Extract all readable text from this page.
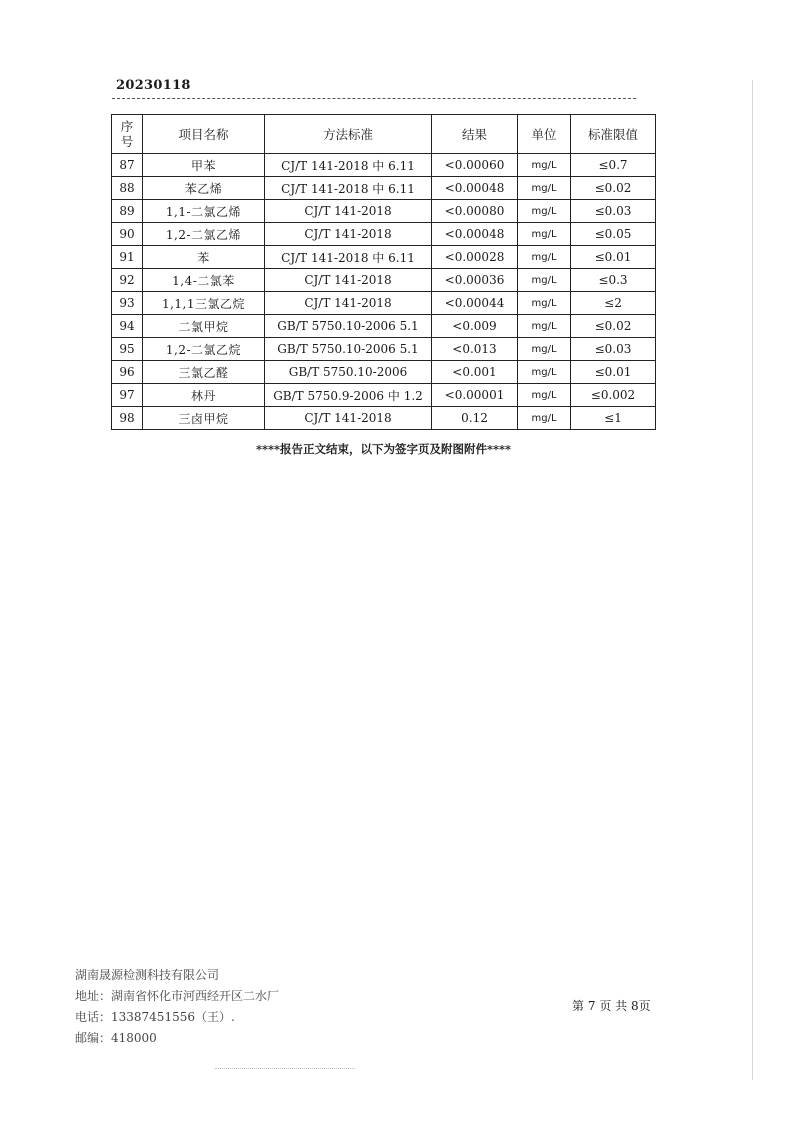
20230118
序号	项目名称	方法标准	结果	单位	标准限值
87	甲苯	CJ/T 141-2018 中 6.11	<0.00060	mg/L	≤0.7
88	苯乙烯	CJ/T 141-2018 中 6.11	<0.00048	mg/L	≤0.02
89	1,1-二氯乙烯	CJ/T 141-2018	<0.00080	mg/L	≤0.03
90	1,2-二氯乙烯	CJ/T 141-2018	<0.00048	mg/L	≤0.05
91	苯	CJ/T 141-2018 中 6.11	<0.00028	mg/L	≤0.01
92	1,4-二氯苯	CJ/T 141-2018	<0.00036	mg/L	≤0.3
93	1,1,1三氯乙烷	CJ/T 141-2018	<0.00044	mg/L	≤2
94	二氯甲烷	GB/T 5750.10-2006 5.1	<0.009	mg/L	≤0.02
95	1,2-二氯乙烷	GB/T 5750.10-2006 5.1	<0.013	mg/L	≤0.03
96	三氯乙醛	GB/T 5750.10-2006	<0.001	mg/L	≤0.01
97	林丹	GB/T 5750.9-2006 中 1.2	<0.00001	mg/L	≤0.002
98	三卤甲烷	CJ/T 141-2018	0.12	mg/L	≤1
****报告正文结束，以下为签字页及附图附件****
湖南晟源检测科技有限公司
地址：湖南省怀化市河西经开区二水厂
电话：13387451556（王）.
邮编：418000
第 7 页 共 8页
